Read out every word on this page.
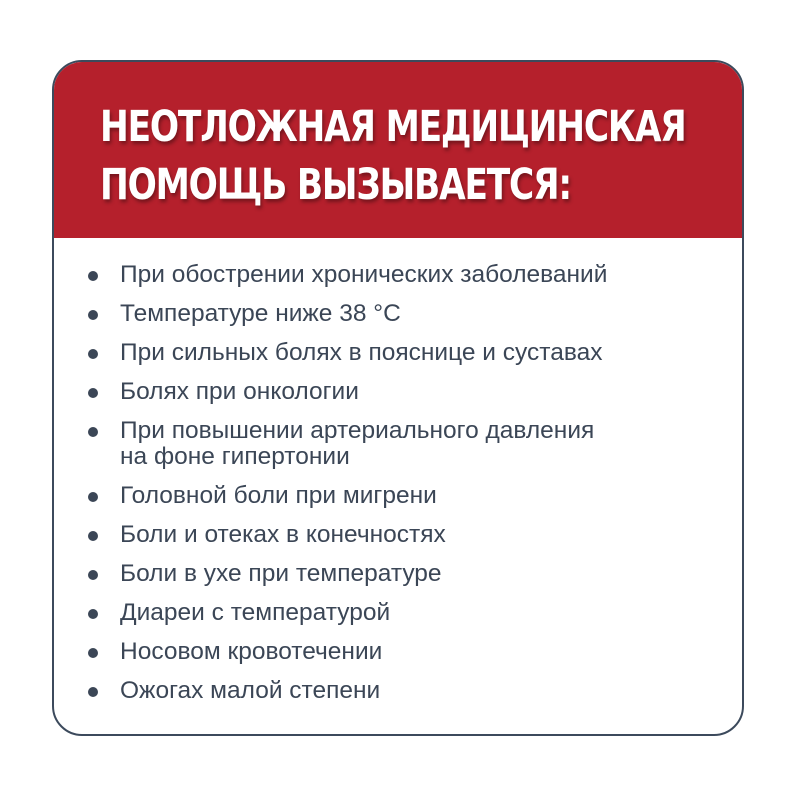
НЕОТЛОЖНАЯ МЕДИЦИНСКАЯ
ПОМОЩЬ ВЫЗЫВАЕТСЯ:
При обострении хронических заболеваний
Температуре ниже 38 °С
При сильных болях в пояснице и суставах
Болях при онкологии
При повышении артериального давления
на фоне гипертонии
Головной боли при мигрени
Боли и отеках в конечностях
Боли в ухе при температуре
Диареи с температурой
Носовом кровотечении
Ожогах малой степени
